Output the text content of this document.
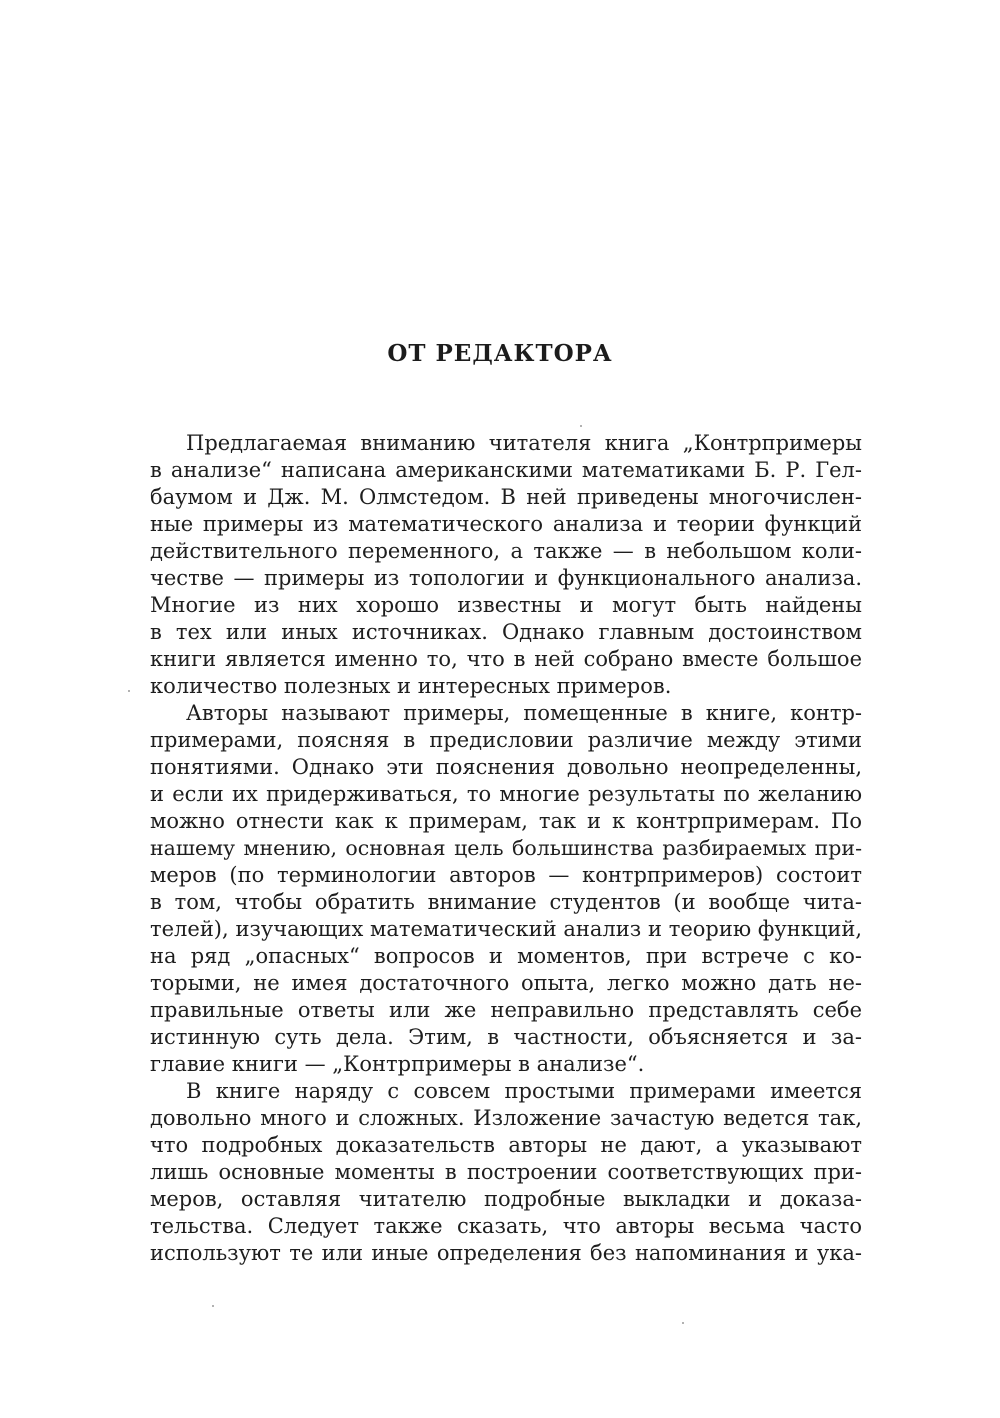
ОТ РЕДАКТОРА
Предлагаемая вниманию читателя книга „Контрпримеры
в анализе“ написана американскими математиками Б. Р. Гел-
баумом и Дж. М. Олмстедом. В ней приведены многочислен-
ные примеры из математического анализа и теории функций
действительного переменного, а также — в небольшом коли-
честве — примеры из топологии и функционального анализа.
Многие из них хорошо известны и могут быть найдены
в тех или иных источниках. Однако главным достоинством
книги является именно то, что в ней собрано вместе большое
количество полезных и интересных примеров.
Авторы называют примеры, помещенные в книге, контр-
примерами, поясняя в предисловии различие между этими
понятиями. Однако эти пояснения довольно неопределенны,
и если их придерживаться, то многие результаты по желанию
можно отнести как к примерам, так и к контрпримерам. По
нашему мнению, основная цель большинства разбираемых при-
меров (по терминологии авторов — контрпримеров) состоит
в том, чтобы обратить внимание студентов (и вообще чита-
телей), изучающих математический анализ и теорию функций,
на ряд „опасных“ вопросов и моментов, при встрече с ко-
торыми, не имея достаточного опыта, легко можно дать не-
правильные ответы или же неправильно представлять себе
истинную суть дела. Этим, в частности, объясняется и за-
главие книги — „Контрпримеры в анализе“.
В книге наряду с совсем простыми примерами имеется
довольно много и сложных. Изложение зачастую ведется так,
что подробных доказательств авторы не дают, а указывают
лишь основные моменты в построении соответствующих при-
меров, оставляя читателю подробные выкладки и доказа-
тельства. Следует также сказать, что авторы весьма часто
используют те или иные определения без напоминания и ука-
